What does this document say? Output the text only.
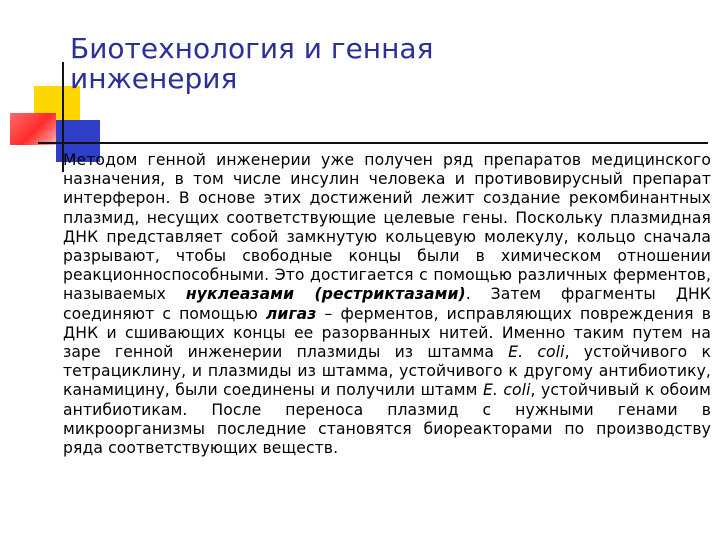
Биотехнология и генная
инженерия
Методом генной инженерии уже получен ряд препаратов медицинского назначения, в том числе инсулин человека и противовирусный препарат интерферон. В основе этих достижений лежит создание рекомбинантных плазмид, несущих соответствующие целевые гены. Поскольку плазмидная ДНК представляет собой замкнутую кольцевую молекулу, кольцо сначала разрывают, чтобы свободные концы были в химическом отношении реакционноспособными. Это достигается с помощью различных ферментов, называемых нуклеазами (рестриктазами). Затем фрагменты ДНК соединяют с помощью лигаз – ферментов, исправляющих повреждения в ДНК и сшивающих концы ее разорванных нитей. Именно таким путем на заре генной инженерии плазмиды из штамма E. coli, устойчивого к тетрациклину, и плазмиды из штамма, устойчивого к другому антибиотику, канамицину, были соединены и получили штамм E. coli, устойчивый к обоим антибиотикам. После переноса плазмид с нужными генами в микроорганизмы последние становятся биореакторами по производству ряда соответствующих веществ.
